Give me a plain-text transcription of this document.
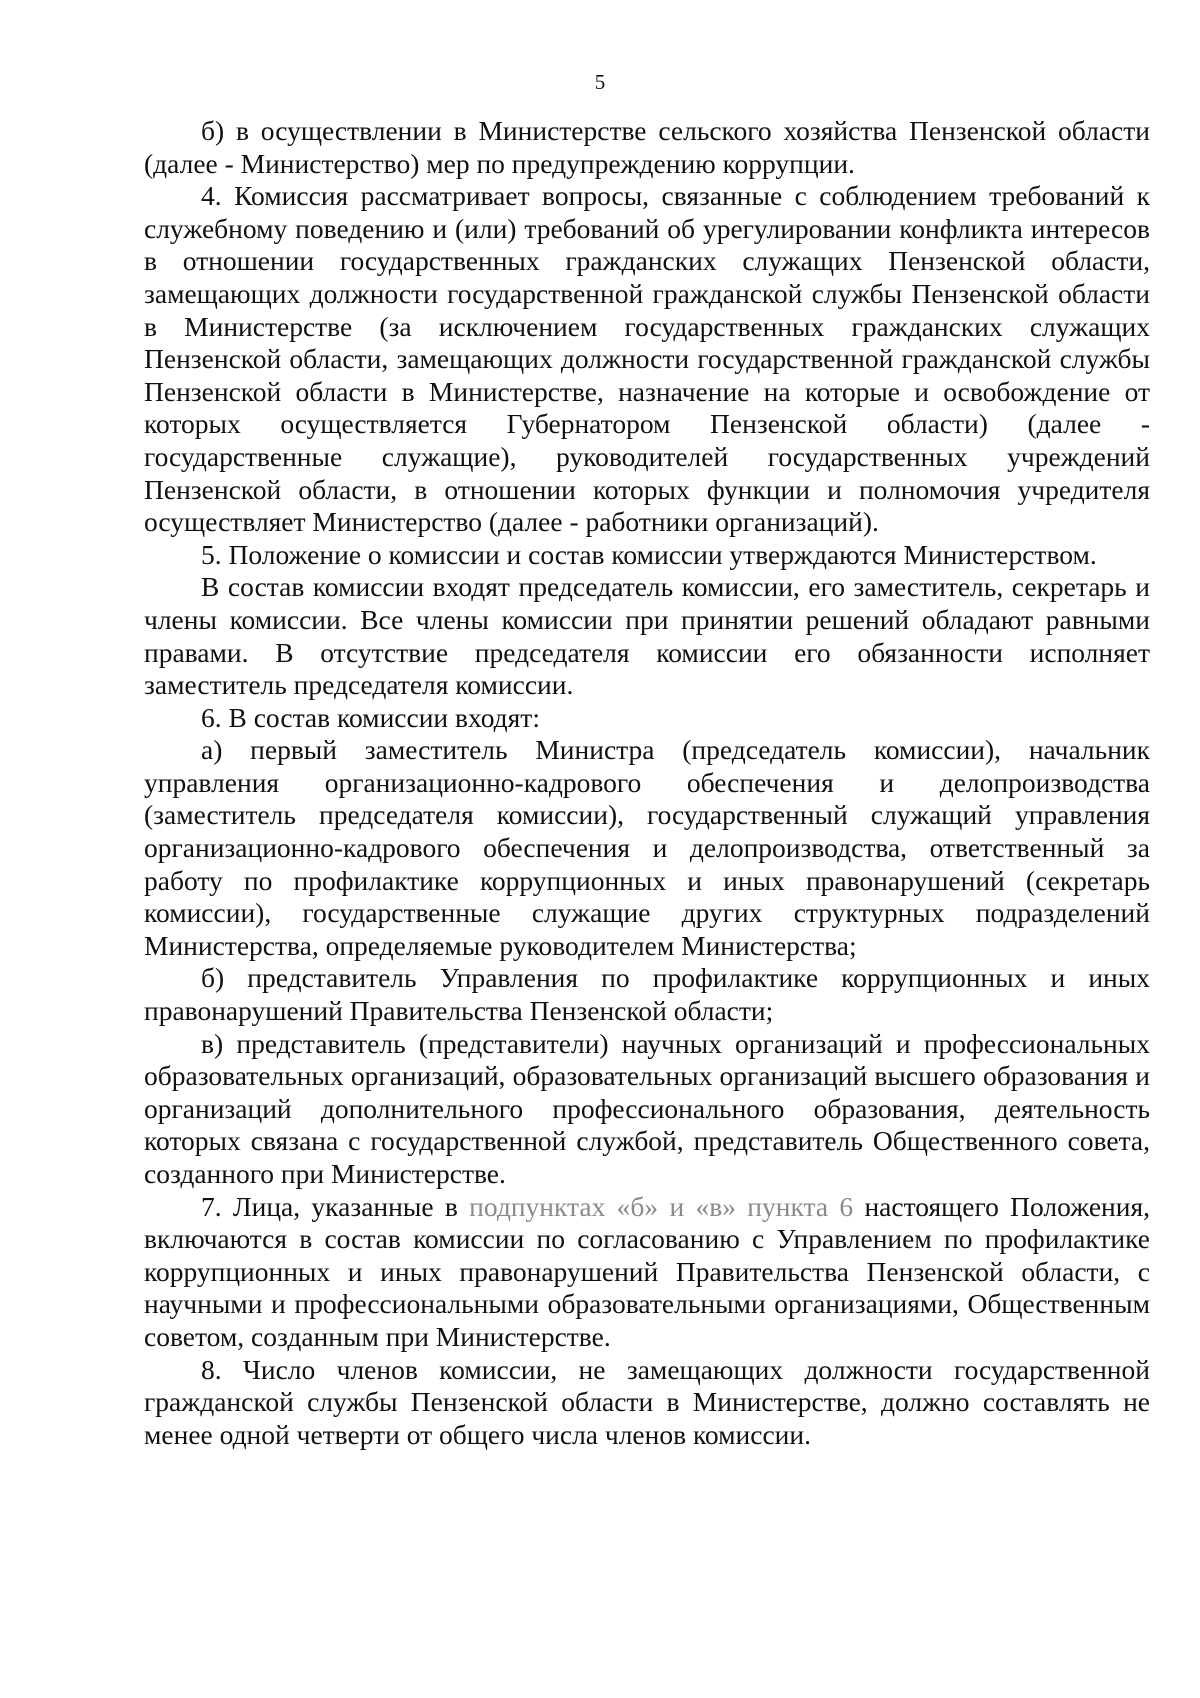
5

б) в осуществлении в Министерстве сельского хозяйства Пензенской области (далее - Министерство) мер по предупреждению коррупции.

4. Комиссия рассматривает вопросы, связанные с соблюдением требований к служебному поведению и (или) требований об урегулировании конфликта интересов в отношении государственных гражданских служащих Пензенской области, замещающих должности государственной гражданской службы Пензенской области в Министерстве (за исключением государственных гражданских служащих Пензенской области, замещающих должности государственной гражданской службы Пензенской области в Министерстве, назначение на которые и освобождение от которых осуществляется Губернатором Пензенской области) (далее - государственные служащие), руководителей государственных учреждений Пензенской области, в отношении которых функции и полномочия учредителя осуществляет Министерство (далее - работники организаций).

5. Положение о комиссии и состав комиссии утверждаются Министерством.

В состав комиссии входят председатель комиссии, его заместитель, секретарь и члены комиссии. Все члены комиссии при принятии решений обладают равными правами. В отсутствие председателя комиссии его обязанности исполняет заместитель председателя комиссии.

6. В состав комиссии входят:

а) первый заместитель Министра (председатель комиссии), начальник управления организационно-кадрового обеспечения и делопроизводства (заместитель председателя комиссии), государственный служащий управления организационно-кадрового обеспечения и делопроизводства, ответственный за работу по профилактике коррупционных и иных правонарушений (секретарь комиссии), государственные служащие других структурных подразделений Министерства, определяемые руководителем Министерства;

б) представитель Управления по профилактике коррупционных и иных правонарушений Правительства Пензенской области;

в) представитель (представители) научных организаций и профессиональных образовательных организаций, образовательных организаций высшего образования и организаций дополнительного профессионального образования, деятельность которых связана с государственной службой, представитель Общественного совета, созданного при Министерстве.

7. Лица, указанные в подпунктах «б» и «в» пункта 6 настоящего Положения, включаются в состав комиссии по согласованию с Управлением по профилактике коррупционных и иных правонарушений Правительства Пензенской области, с научными и профессиональными образовательными организациями, Общественным советом, созданным при Министерстве.

8. Число членов комиссии, не замещающих должности государственной гражданской службы Пензенской области в Министерстве, должно составлять не менее одной четверти от общего числа членов комиссии.
